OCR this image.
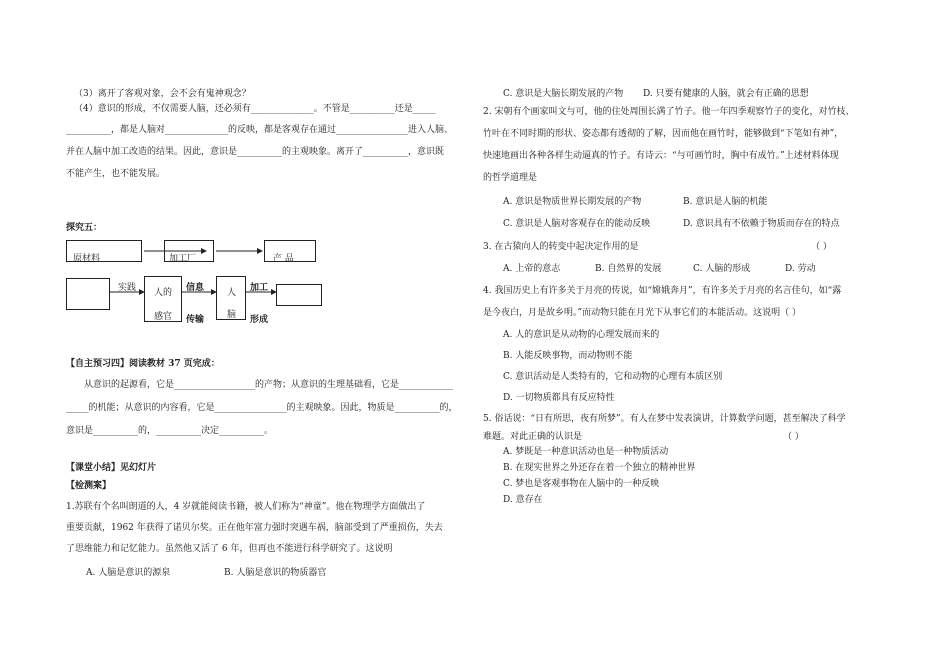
（3）离开了客观对象，会不会有鬼神观念？
（4）意识的形成，不仅需要人脑，还必须有______________。不管是__________还是_____
__________，都是人脑对______________的反映，都是客观存在通过________________进入人脑、
并在人脑中加工改造的结果。因此，意识是__________的主观映象。离开了__________，意识既
不能产生，也不能发展。
探究五：
原材料	加工厂	产 品
实践 人的
感官
信息
传输
人
脑
加工
形成
【自主预习四】阅读教材 37 页完成：
从意识的起源看，它是__________________的产物；从意识的生理基础看，它是____________
_____的机能；从意识的内容看，它是________________的主观映象。因此，物质是__________的，
意识是__________的，__________决定__________。
【课堂小结】见幻灯片
【检测案】
1.苏联有个名叫朗道的人，4 岁就能阅读书籍，被人们称为“神童”。他在物理学方面做出了
重要贡献，1962 年获得了诺贝尔奖。正在他年富力强时突遇车祸，脑部受到了严重损伤，失去
了思维能力和记忆能力。虽然他又活了 6 年，但再也不能进行科学研究了。这说明
A. 人脑是意识的源泉	B. 人脑是意识的物质器官
C. 意识是大脑长期发展的产物 D. 只要有健康的人脑，就会有正确的思想
2. 宋朝有个画家叫文与可，他的住处周围长满了竹子。他一年四季观察竹子的变化，对竹枝、
竹叶在不同时期的形状、姿态都有透彻的了解，因而他在画竹时，能够做到“下笔如有神”，
快速地画出各种各样生动逼真的竹子。有诗云：“与可画竹时，胸中有成竹。”上述材料体现
的哲学道理是
A. 意识是物质世界长期发展的产物	B. 意识是人脑的机能
C. 意识是人脑对客观存在的能动反映	D. 意识具有不依赖于物质而存在的特点
3. 在古猿向人的转变中起决定作用的是	（ ）
A. 上帝的意志	B. 自然界的发展	C. 人脑的形成	D. 劳动
4. 我国历史上有许多关于月亮的传说，如“嫦娥奔月”，有许多关于月亮的名言佳句，如“露
是今夜白，月是故乡明。”而动物只能在月光下从事它们的本能活动。这说明（ ）
A. 人的意识是从动物的心理发展而来的
B. 人能反映事物，而动物则不能
C. 意识活动是人类特有的，它和动物的心理有本质区别
D. 一切物质都具有反应特性
5. 俗话说：“日有所思，夜有所梦”。有人在梦中发表演讲，计算数学问题，甚至解决了科学
难题。对此正确的认识是	（ ）
A. 梦既是一种意识活动也是一种物质活动
B. 在现实世界之外还存在着一个独立的精神世界
C. 梦也是客观事物在人脑中的一种反映
D. 意存在
